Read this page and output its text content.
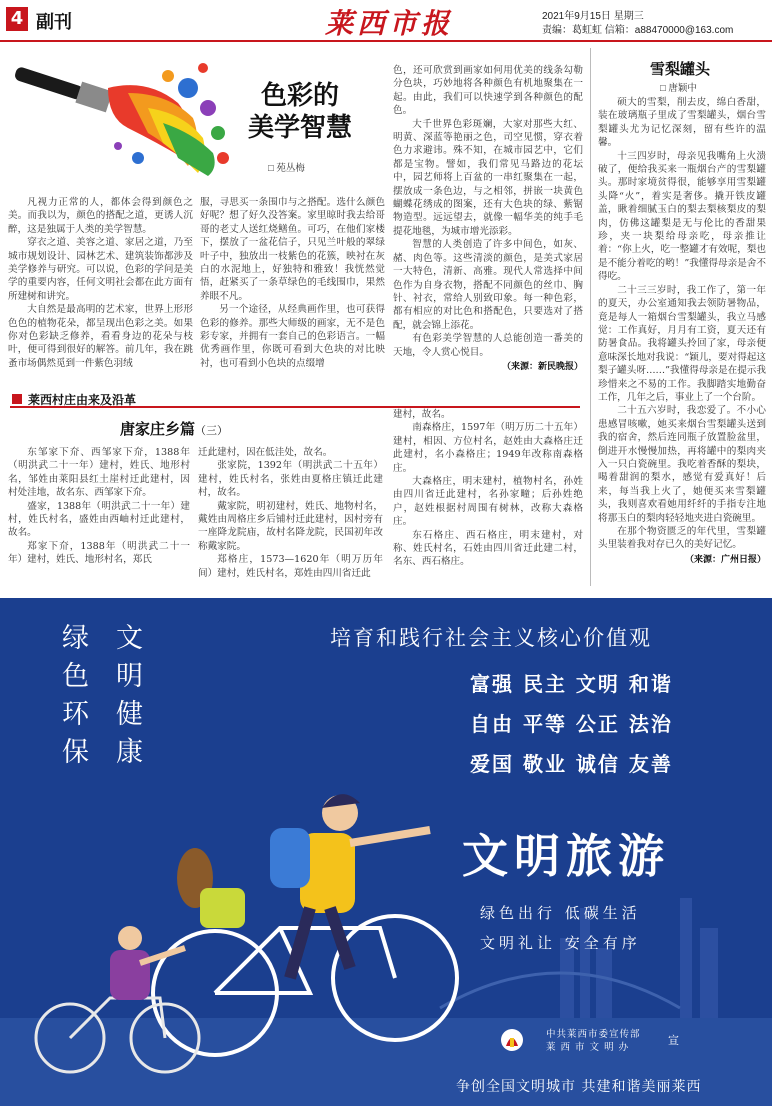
4 副刊	莱西市报	2021年9月15日 星期三
责编：葛虹虹 信箱：a88470000@163.com
色彩的
美学智慧
□ 苑丛梅

凡视力正常的人，都体会得到颜色之美。而我以为，颜色的搭配之道，更诱人沉醉，这是独属于人类的美学智慧。

穿衣之道、美容之道、家居之道，乃至城市规划设计、园林艺术、建筑装饰都涉及美学修养与研究。可以说，色彩的学问是美学的重要内容，任何文明社会都在此方面有所建树和讲究。

大自然是最高明的艺术家，世界上形形色色的植物花朵，都呈现出色彩之美。如果你对色彩缺乏修养，看看身边的花朵与枝叶，便可得到很好的解答。前几年，我在跳蚤市场偶然觅到一件紫色羽绒

服，寻思买一条围巾与之搭配。选什么颜色好呢？想了好久没答案。家里晾时我去给哥哥的老丈人送红烧鳝鱼。可巧，在他们家楼下，摆放了一盆花信子，只见兰叶般的翠绿叶子中，独放出一枝紫色的花簇，映衬在灰白的水泥地上，好独特和雅致！我恍然觉悟，赶紧买了一条草绿色的毛线围巾，果然养眼不凡。

另一个途径，从经典画作里，也可获得色彩的修养。那些大师级的画家，无不是色彩专家，并拥有一套自己的色彩语言。一幅优秀画作里，你既可看到大色块的对比映衬，也可看到小色块的点缀增

色，还可欣赏到画家如何用优美的线条勾勒分色块，巧妙地将各种颜色有机地聚集在一起。由此，我们可以快速学到各种颜色的配色。

大千世界色彩斑斓，大家对那些大红、明黄、深蓝等艳丽之色，司空见惯，穿衣着色力求避讳。殊不知，在城市园艺中，它们都是宝物。譬如，我们常见马路边的花坛中，园艺师将上百盆的一串红聚集在一起，摆放成一条色边，与之相邻，拼嵌一块黄色蝴蝶花绣成的图案，还有大色块的绿、紫锯物造型。远远望去，就像一幅华美的纯手毛提花地毯，为城市增光添彩。

智慧的人类创造了许多中间色，如灰、赭、肉色等。这些清淡的颜色，是美式家居一大特色，清新、高雅。现代人常选择中间色作为自身衣物，搭配不同颜色的丝巾、胸针、衬衣，常给人别致印象。每一种色彩，都有相应的对比色和搭配色，只要选对了搭配，就会锦上添花。

有色彩美学智慧的人总能创造一番美的天地，令人赏心悦目。

（来源：新民晚报）
雪梨罐头
□ 唐颖中

硕大的雪梨，削去皮，绵白香甜，装在玻璃瓶子里成了雪梨罐头，烟台雪梨罐头尤为记忆深刻，留有些许的温馨。

十三四岁时，母亲见我嘴角上火溃破了，便给我买来一瓶烟台产的雪梨罐头。那时家境贫得很，能够享用雪梨罐头降“火”，着实是奢侈。撬开铁皮罐盖，瞅着细腻玉白的梨去梨核梨皮的梨肉，仿佛这罐梨是无与伦比的香甜果珍，夹一块梨给母亲吃，母亲推让着：“你上火，吃一整罐才有效呢，梨也是不能分着吃的哟！”我懂得母亲是舍不得吃。

二十三三岁时，我工作了，第一年的夏天，办公室通知我去领防暑物品，竟是每人一箱烟台雪梨罐头，我立马感觉：工作真好，月月有工资，夏天还有防暑食品。我将罐头拎回了家，母亲便意味深长地对我说：“颖儿，要对得起这梨子罐头呀……”我懂得母亲是在提示我珍惜来之不易的工作。我脚踏实地勤奋工作，几年之后，事业上了一个台阶。

二十五六岁时，我恋爱了。不小心患感冒咳嗽，她买来烟台雪梨罐头送到我的宿舍，然后连同瓶子放置脸盆里，倒进开水慢慢加热，再将罐中的梨肉夹入一只白瓷碗里。我吃着香酥的梨块，喝着甜润的梨水，感觉有爱真好！后来，每当我上火了，她便买来雪梨罐头，我则喜欢看她用纤纤的手指专注地将那玉白的梨肉轻轻地夹进白瓷碗里。

在那个物资匮乏的年代里，雪梨罐头里装着我对存已久的美好记忆。

（来源：广州日报）
莱西村庄由来及沿革
唐家庄乡篇（三）

东邹家下夼、西邹家下夼，1388年（明洪武二十一年）建村，姓氏、地形村名，邹姓由莱阳县红土崖村迁此建村，因村处洼地，故名东、西邹家下夼。

盛家，1388年（明洪武二十一年）建村，姓氏村名，盛姓由西岫村迁此建村，故名。

郑家下夼，1388年（明洪武二十一年）建村，姓氏、地形村名，郑氏

迁此建村，因在低洼处，故名。

张家院，1392年（明洪武二十五年）建村，姓氏村名，张姓由夏格庄镇迁此建村，故名。

戴家院，明初建村，姓氏、地物村名，戴姓由周格庄乡后铺村迁此建村，因村旁有一座降龙院庙，故村名降龙院，民国初年改称戴家院。

郑格庄，1573—1620年（明万历年间）建村，姓氏村名，郑姓由四川省迁此

建村，故名。

南森格庄，1597年（明万历二十五年）建村，相因、方位村名，赵姓由大森格庄迁此建村，名小森格庄；1949年改称南森格庄。

大森格庄，明末建村，植物村名，孙姓由四川省迁此建村，名孙家疃；后孙姓绝户，赵姓根据村周围有树林，改称大森格庄。

东石格庄、西石格庄，明末建村，对称、姓氏村名，石姓由四川省迁此建二村，名东、西石格庄。

绿
色
环
保
文
明
健
康
培育和践行社会主义核心价值观
富强 民主 文明 和谐
自由 平等 公正 法治
爱国 敬业 诚信 友善
文明旅游
绿色出行 低碳生活
文明礼让 安全有序
中共莱西市委宣传部
莱 西 市 文 明 办
宣
争创全国文明城市 共建和谐美丽莱西
